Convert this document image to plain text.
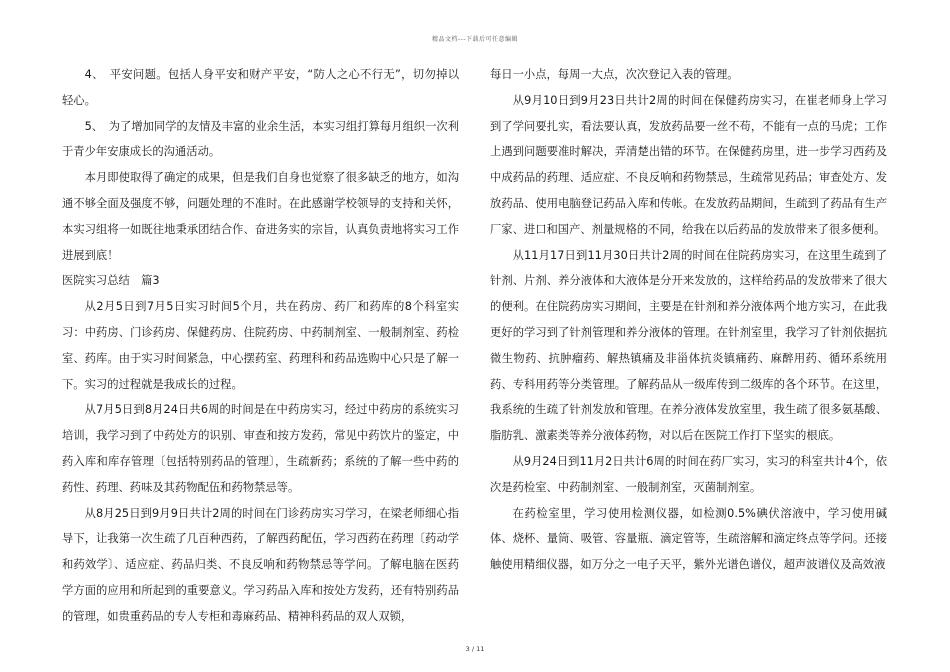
精品文档---下载后可任意编辑

4、　平安问题。包括人身平安和财产平安，“防人之心不行无”，切勿掉以轻心。

5、　为了增加同学的友情及丰富的业余生活，本实习组打算每月组织一次利于青少年安康成长的沟通活动。

本月即使取得了确定的成果，但是我们自身也觉察了很多缺乏的地方，如沟通不够全面及强度不够，问题处理的不准时。在此感谢学校领导的支持和关怀，本实习组将一如既往地秉承团结合作、奋进务实的宗旨，认真负责地将实习工作进展到底！

医院实习总结　篇3

从2月5日到7月5日实习时间5个月，共在药房、药厂和药库的8个科室实习：中药房、门诊药房、保健药房、住院药房、中药制剂室、一般制剂室、药检室、药库。由于实习时间紧急，中心摆药室、药理科和药品选购中心只是了解一下。实习的过程就是我成长的过程。

从7月5日到8月24日共6周的时间是在中药房实习，经过中药房的系统实习培训，我学习到了中药处方的识别、审查和按方发药，常见中药饮片的鉴定，中药入库和库存管理〔包括特别药品的管理〕，生疏新药；系统的了解一些中药的药性、药理、药味及其药物配伍和药物禁忌等。

从8月25日到9月9日共计2周的时间在门诊药房实习学习，在梁老师细心指导下，让我第一次生疏了几百种西药，了解西药配伍，学习西药在药理〔药动学和药效学〕、适应症、药品归类、不良反响和药物禁忌等学问。了解电脑在医药学方面的应用和所起到的重要意义。学习药品入库和按处方发药，还有特别药品的管理，如贵重药品的专人专柜和毒麻药品、精神科药品的双人双锁，

每日一小点，每周一大点，次次登记入表的管理。

从9月10日到9月23日共计2周的时间在保健药房实习，在崔老师身上学习到了学问要扎实，看法要认真，发放药品要一丝不苟，不能有一点的马虎；工作上遇到问题要准时解决，弄清楚出错的环节。在保健药房里，进一步学习西药及中成药品的药理、适应症、不良反响和药物禁忌，生疏常见药品；审查处方、发放药品、使用电脑登记药品入库和传帐。在发放药品期间，生疏到了药品有生产厂家、进口和国产、剂量规格的不同，给我在以后药品的发放带来了很多便利。

从11月17日到11月30日共计2周的时间在住院药房实习，在这里生疏到了针剂、片剂、养分液体和大液体是分开来发放的，这样给药品的发放带来了很大的便利。在住院药房实习期间，主要是在针剂和养分液体两个地方实习，在此我更好的学习到了针剂管理和养分液体的管理。在针剂室里，我学习了针剂依据抗微生物药、抗肿瘤药、解热镇痛及非甾体抗炎镇痛药、麻醉用药、循环系统用药、专科用药等分类管理。了解药品从一级库传到二级库的各个环节。在这里，我系统的生疏了针剂发放和管理。在养分液体发放室里，我生疏了很多氨基酸、脂肪乳、激素类等养分液体药物，对以后在医院工作打下坚实的根底。

从9月24日到11月2日共计6周的时间在药厂实习，实习的科室共计4个，依次是药检室、中药制剂室、一般制剂室，灭菌制剂室。

在药检室里，学习使用检测仪器，如检测0.5%碘伏溶液中，学习使用碱体、烧杯、量筒、吸管、容量瓶、滴定管等，生疏溶解和滴定终点等学问。还接触使用精细仪器，如万分之一电子天平，紫外光谱色谱仪，超声波谱仪及高效液

3 / 11
